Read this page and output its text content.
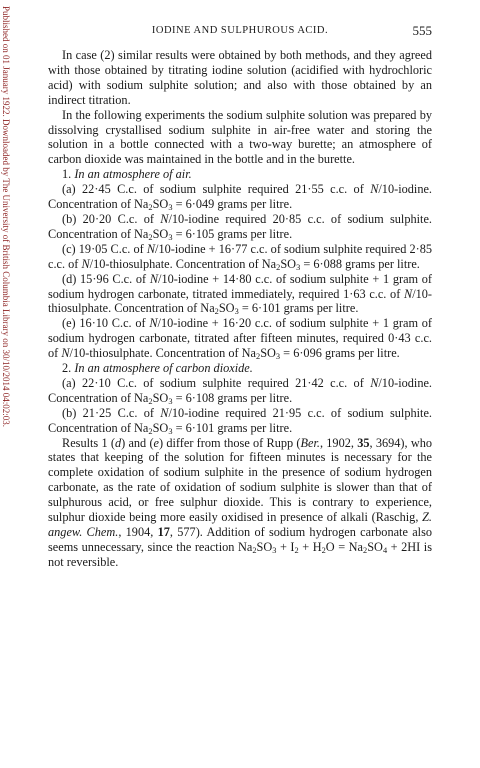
Published on 01 January 1922. Downloaded by The University of British Columbia Library on 30/10/2014 04:02:03.	IODINE AND SULPHUROUS ACID.	555

In case (2) similar results were obtained by both methods, and they agreed with those obtained by titrating iodine solution (acidified with hydrochloric acid) with sodium sulphite solution; and also with those obtained by an indirect titration.

In the following experiments the sodium sulphite solution was prepared by dissolving crystallised sodium sulphite in air-free water and storing the solution in a bottle connected with a two-way burette; an atmosphere of carbon dioxide was maintained in the bottle and in the burette.

1. In an atmosphere of air.

(a) 22·45 C.c. of sodium sulphite required 21·55 c.c. of N/10-iodine. Concentration of $Na_2SO_3 = 6\cdot 049$ grams per litre.

(b) 20·20 C.c. of N/10-iodine required 20·85 c.c. of sodium sulphite. Concentration of $Na_2SO_3 = 6\cdot 105$ grams per litre.

(c) 19·05 C.c. of N/10-iodine + 16·77 c.c. of sodium sulphite required 2·85 c.c. of N/10-thiosulphate. Concentration of $Na_2SO_3 = 6\cdot 088$ grams per litre.

(d) 15·96 C.c. of N/10-iodine + 14·80 c.c. of sodium sulphite + 1 gram of sodium hydrogen carbonate, titrated immediately, required 1·63 c.c. of N/10-thiosulphate. Concentration of $Na_2SO_3 = 6\cdot 101$ grams per litre.

(e) 16·10 C.c. of N/10-iodine + 16·20 c.c. of sodium sulphite + 1 gram of sodium hydrogen carbonate, titrated after fifteen minutes, required 0·43 c.c. of N/10-thiosulphate. Concentration of $Na_2SO_3 = 6\cdot 096$ grams per litre.

2. In an atmosphere of carbon dioxide.

(a) 22·10 C.c. of sodium sulphite required 21·42 c.c. of N/10-iodine. Concentration of $Na_2SO_3 = 6\cdot 108$ grams per litre.

(b) 21·25 C.c. of N/10-iodine required 21·95 c.c. of sodium sulphite. Concentration of $Na_2SO_3 = 6\cdot 101$ grams per litre.

Results 1 (d) and (e) differ from those of Rupp (Ber., 1902, 35, 3694), who states that keeping of the solution for fifteen minutes is necessary for the complete oxidation of sodium sulphite in the presence of sodium hydrogen carbonate, as the rate of oxidation of sodium sulphite is slower than that of sulphurous acid, or free sulphur dioxide. This is contrary to experience, sulphur dioxide being more easily oxidised in presence of alkali (Raschig, Z. angew. Chem., 1904, 17, 577). Addition of sodium hydrogen carbonate also seems unnecessary, since the reaction $Na_2SO_3 + I_2 + H_2O = Na_2SO_4 + 2HI$ is not reversible.
